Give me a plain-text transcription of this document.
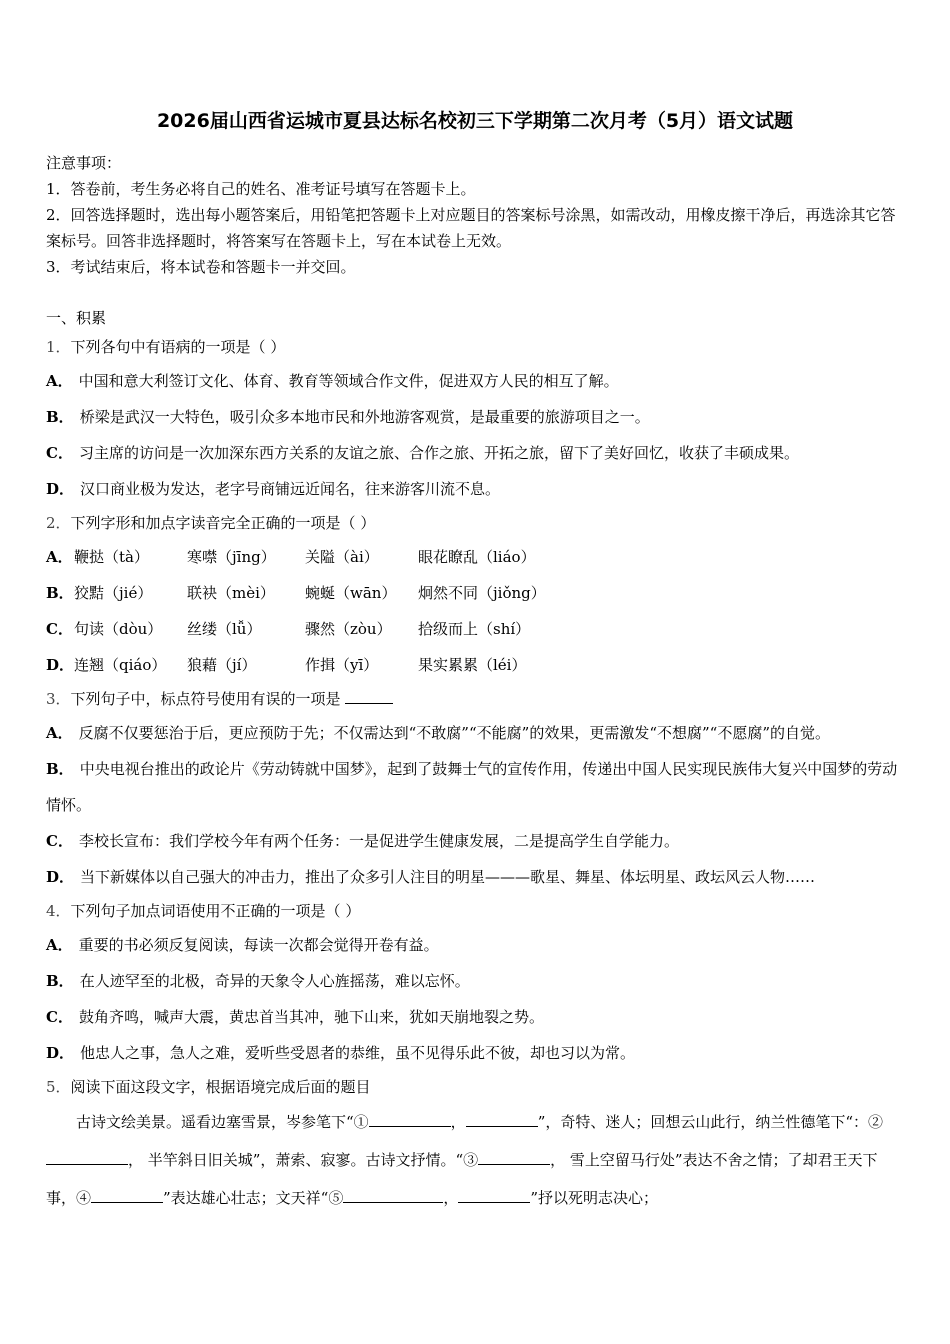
2026届山西省运城市夏县达标名校初三下学期第二次月考（5月）语文试题

注意事项：

1．答卷前，考生务必将自己的姓名、准考证号填写在答题卡上。

2．回答选择题时，选出每小题答案后，用铅笔把答题卡上对应题目的答案标号涂黑，如需改动，用橡皮擦干净后，再选涂其它答案标号。回答非选择题时，将答案写在答题卡上，写在本试卷上无效。

3．考试结束后，将本试卷和答题卡一并交回。

一、积累

1．下列各句中有语病的一项是（ ）

A． 中国和意大利签订文化、体育、教育等领域合作文件，促进双方人民的相互了解。

B． 桥梁是武汉一大特色，吸引众多本地市民和外地游客观赏，是最重要的旅游项目之一。

C． 习主席的访问是一次加深东西方关系的友谊之旅、合作之旅、开拓之旅，留下了美好回忆，收获了丰硕成果。

D． 汉口商业极为发达，老字号商铺远近闻名，往来游客川流不息。

2．下列字形和加点字读音完全正确的一项是（ ）

A． 鞭挞（tà）	寒噤（jīng）	关隘（ài）	眼花瞭乱（liáo）
B． 狡黠（jié）	联袂（mèi）	蜿蜒（wān）	炯然不同（jiǒng）
C． 句读（dòu）	丝缕（lǚ）	骤然（zòu）	拾级而上（shí）
D． 连翘（qiáo）	狼藉（jí）	作揖（yī）	果实累累（léi）

3．下列句子中，标点符号使用有误的一项是

A． 反腐不仅要惩治于后，更应预防于先；不仅需达到“不敢腐”“不能腐”的效果，更需激发“不想腐”“不愿腐”的自觉。

B． 中央电视台推出的政论片《劳动铸就中国梦》，起到了鼓舞士气的宣传作用，传递出中国人民实现民族伟大复兴中国梦的劳动情怀。

C． 李校长宣布：我们学校今年有两个任务：一是促进学生健康发展，二是提高学生自学能力。

D． 当下新媒体以自己强大的冲击力，推出了众多引人注目的明星———歌星、舞星、体坛明星、政坛风云人物……

4．下列句子加点词语使用不正确的一项是（ ）

A． 重要的书必须反复阅读，每读一次都会觉得开卷有益。

B． 在人迹罕至的北极，奇异的天象令人心旌摇荡，难以忘怀。

C． 鼓角齐鸣，喊声大震，黄忠首当其冲，驰下山来，犹如天崩地裂之势。

D． 他忠人之事，急人之难，爱听些受恩者的恭维，虽不见得乐此不彼，却也习以为常。

5．阅读下面这段文字，根据语境完成后面的题目

古诗文绘美景。遥看边塞雪景，岑参笔下“①	，	”，奇特、迷人；回想云山此行，纳兰性德笔下“：②， 半竿斜日旧关城”，萧索、寂寥。古诗文抒情。“③	， 雪上空留马行处”表达不舍之情；了却君王天下事，④	”表达雄心壮志；文天祥“⑤	，	”抒以死明志决心；
